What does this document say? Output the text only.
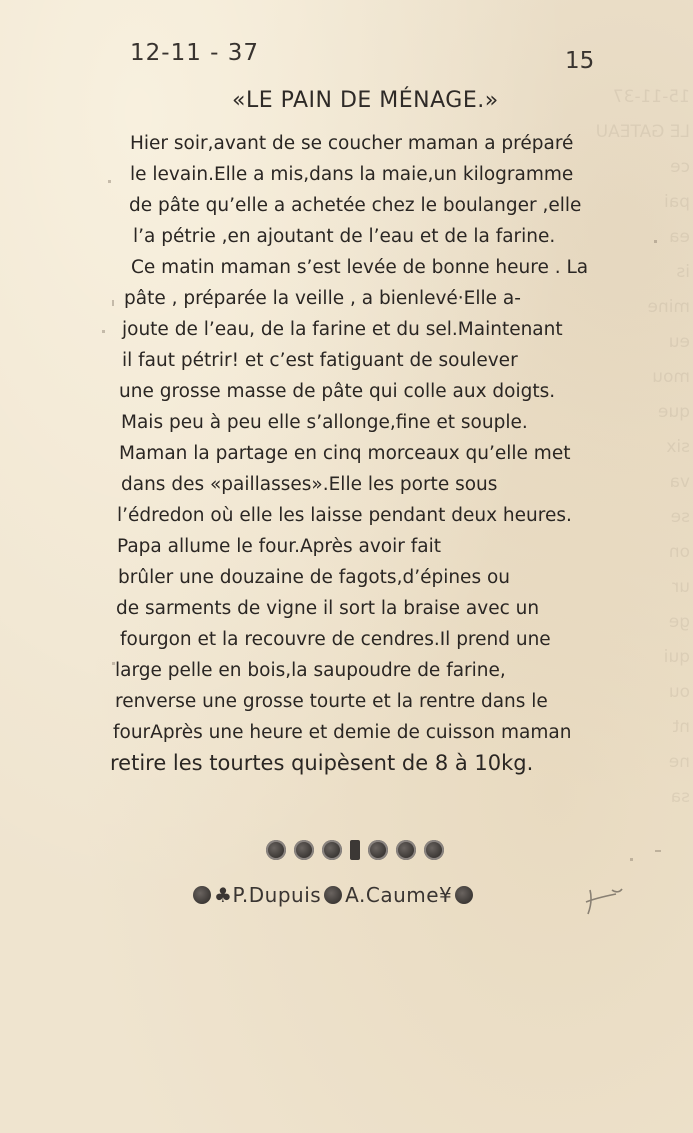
15-11-37
LE GATEAU
ce
pai
ea
is
mine
eu
mou
que
six
va
se
on
ur
ge
qui
ou
nt
ne
sa
12-11 - 37	15
«LE PAIN DE MÉNAGE.»
Hier soir,avant de se coucher maman a préparé
le levain.Elle a mis,dans la maie,un kilogramme
de pâte qu’elle a achetée chez le boulanger ,elle
l’a pétrie ,en ajoutant de l’eau et de la farine.
Ce matin maman s’est levée de bonne heure . La
pâte , préparée la veille , a bienlevé·Elle a-
joute de l’eau, de la farine et du sel.Maintenant
il faut pétrir! et c’est fatiguant de soulever
une grosse masse de pâte qui colle aux doigts.
Mais peu à peu elle s’allonge,fine et souple.
Maman la partage en cinq morceaux qu’elle met
dans des «paillasses».Elle les porte sous
l’édredon où elle les laisse pendant deux heures.
Papa allume le four.Après avoir fait
brûler une douzaine de fagots,d’épines ou
de sarments de vigne il sort la braise avec un
fourgon et la recouvre de cendres.Il prend une
large pelle en bois,la saupoudre de farine,
renverse une grosse tourte et la rentre dans le
fourAprès une heure et demie de cuisson maman
retire les tourtes quipèsent de 8 à 10kg.
♣ P.Dupuis A.Caume ¥
